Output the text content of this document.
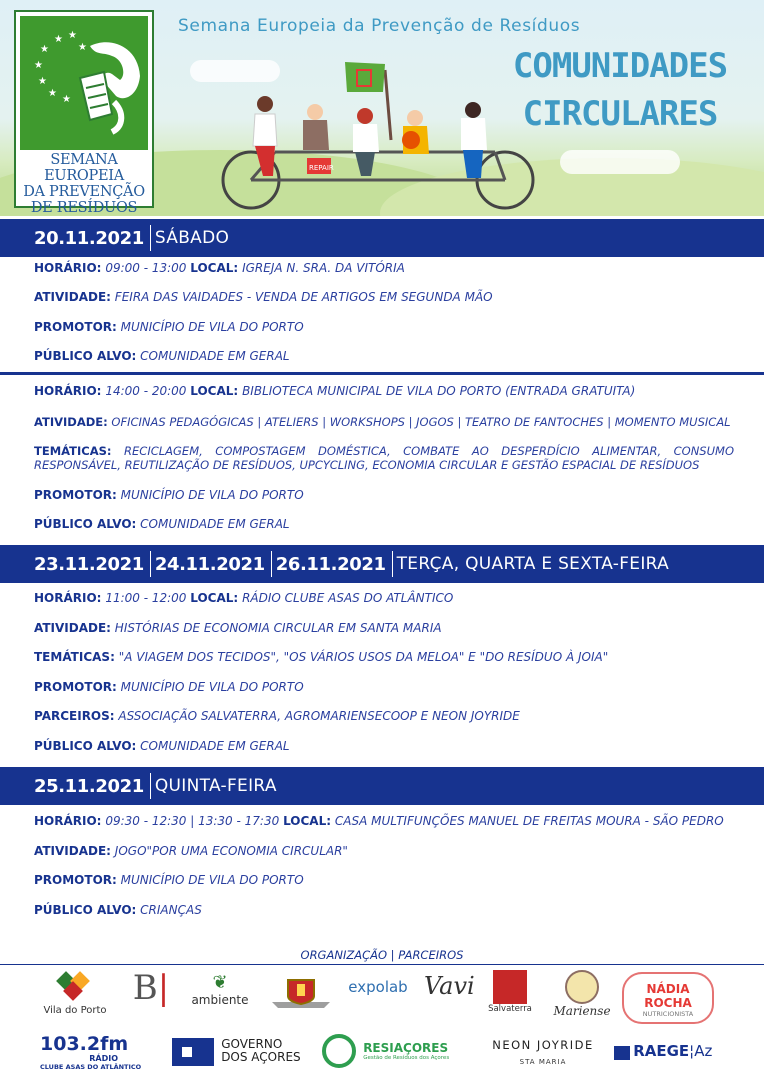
★ ★
★
★
★
★
★
★
SEMANA EUROPEIA
DA PREVENÇÃO
DE RESÍDUOS
Semana Europeia da Prevenção de Resíduos
COMUNIDADES
CIRCULARES
REPAIR
20.11.2021 SÁBADO
HORÁRIO: 09:00 - 13:00 LOCAL: IGREJA N. SRA. DA VITÓRIA
ATIVIDADE: FEIRA DAS VAIDADES - VENDA DE ARTIGOS EM SEGUNDA MÃO
PROMOTOR: MUNICÍPIO DE VILA DO PORTO
PÚBLICO ALVO: COMUNIDADE EM GERAL
HORÁRIO: 14:00 - 20:00 LOCAL: BIBLIOTECA MUNICIPAL DE VILA DO PORTO (ENTRADA GRATUITA)
ATIVIDADE: OFICINAS PEDAGÓGICAS | ATELIERS | WORKSHOPS | JOGOS | TEATRO DE FANTOCHES | MOMENTO MUSICAL
TEMÁTICAS: RECICLAGEM, COMPOSTAGEM DOMÉSTICA, COMBATE AO DESPERDÍCIO ALIMENTAR, CONSUMO RESPONSÁVEL, REUTILIZAÇÃO DE RESÍDUOS, UPCYCLING, ECONOMIA CIRCULAR E GESTÃO ESPACIAL DE RESÍDUOS
PROMOTOR: MUNICÍPIO DE VILA DO PORTO
PÚBLICO ALVO: COMUNIDADE EM GERAL
23.11.2021 24.11.2021 26.11.2021 TERÇA, QUARTA E SEXTA-FEIRA
HORÁRIO: 11:00 - 12:00 LOCAL: RÁDIO CLUBE ASAS DO ATLÂNTICO
ATIVIDADE: HISTÓRIAS DE ECONOMIA CIRCULAR EM SANTA MARIA
TEMÁTICAS: "A VIAGEM DOS TECIDOS", "OS VÁRIOS USOS DA MELOA" E "DO RESÍDUO À JOIA"
PROMOTOR: MUNICÍPIO DE VILA DO PORTO
PARCEIROS: ASSOCIAÇÃO SALVATERRA, AGROMARIENSECOOP E NEON JOYRIDE
PÚBLICO ALVO: COMUNIDADE EM GERAL
25.11.2021 QUINTA-FEIRA
HORÁRIO: 09:30 - 12:30 | 13:30 - 17:30 LOCAL: CASA MULTIFUNÇÕES MANUEL DE FREITAS MOURA - SÃO PEDRO
ATIVIDADE: JOGO"POR UMA ECONOMIA CIRCULAR"
PROMOTOR: MUNICÍPIO DE VILA DO PORTO
PÚBLICO ALVO: CRIANÇAS
ORGANIZAÇÃO | PARCEIROS
Vila do Porto
B|	❦
ambiente
expolab Vavi
Salvaterra Mariense
NÁDIA ROCHA
NUTRICIONISTA
103.2fm
RÁDIO
CLUBE ASAS DO ATLÂNTICO

GOVERNO
DOS AÇORES

RESIAÇORES
Gestão de Resíduos dos Açores
NEON JOYRIDE
STA MARIA
RAEGE¦Az
